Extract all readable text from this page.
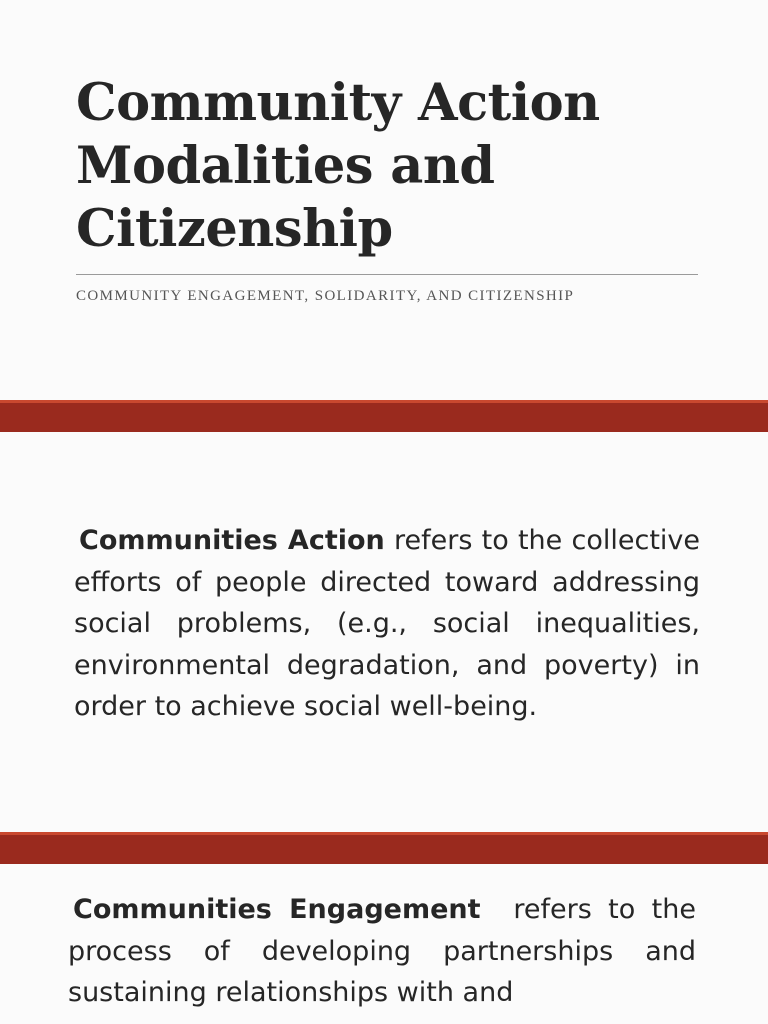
Community Action Modalities and Citizenship
COMMUNITY ENGAGEMENT, SOLIDARITY, AND CITIZENSHIP

Communities Action refers to the collective efforts of people directed toward addressing social problems, (e.g., social inequalities, environmental degradation, and poverty) in order to achieve social well-being.

Communities Engagement  refers to the process of developing partnerships and sustaining relationships with and
